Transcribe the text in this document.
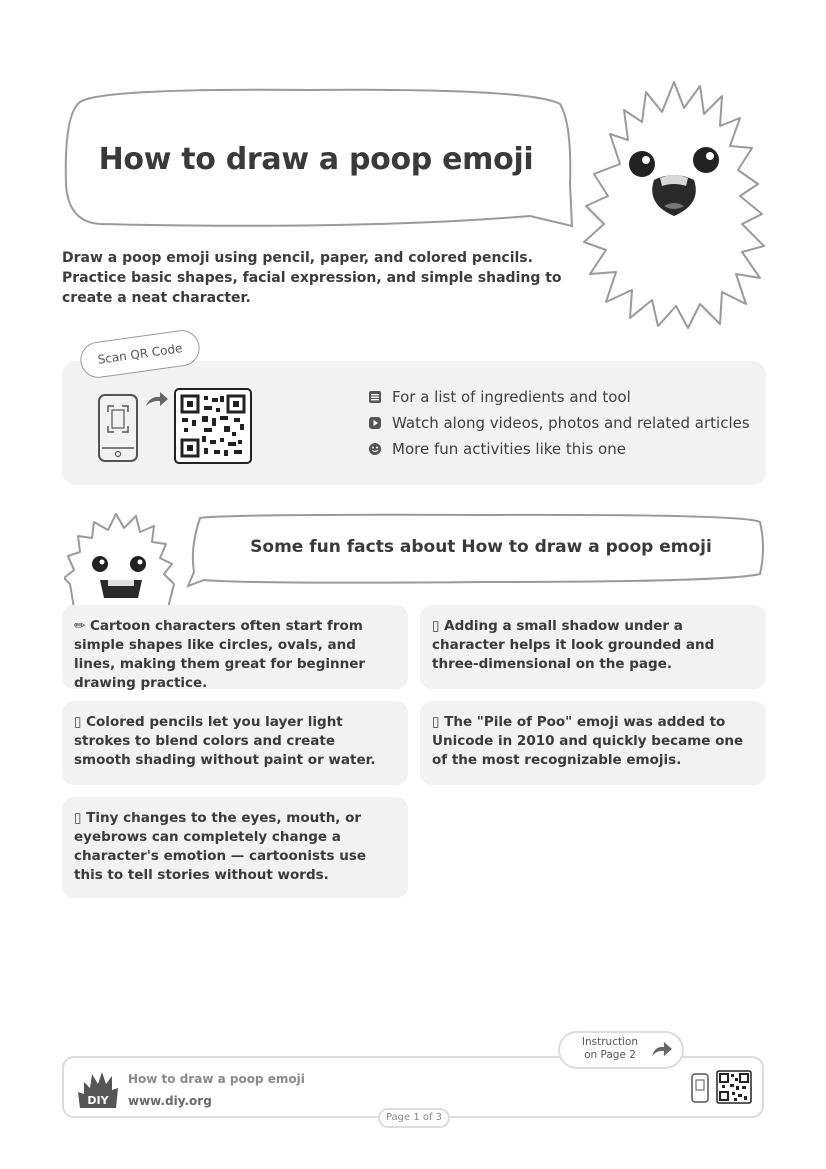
How to draw a poop emoji
Draw a poop emoji using pencil, paper, and colored pencils. Practice basic shapes, facial expression, and simple shading to create a neat character.
Scan QR Code
For a list of ingredients and tool
Watch along videos, photos and related articles
More fun activities like this one
Some fun facts about How to draw a poop emoji
✏ Cartoon characters often start from simple shapes like circles, ovals, and lines, making them great for beginner drawing practice.
▯ Adding a small shadow under a character helps it look grounded and three-dimensional on the page.
▯ Colored pencils let you layer light strokes to blend colors and create smooth shading without paint or water.
▯ The "Pile of Poo" emoji was added to Unicode in 2010 and quickly became one of the most recognizable emojis.
▯ Tiny changes to the eyes, mouth, or eyebrows can completely change a character's emotion — cartoonists use this to tell stories without words.
DIY
How to draw a poop emoji
www.diy.org
Instruction
on Page 2
Page 1 of 3
